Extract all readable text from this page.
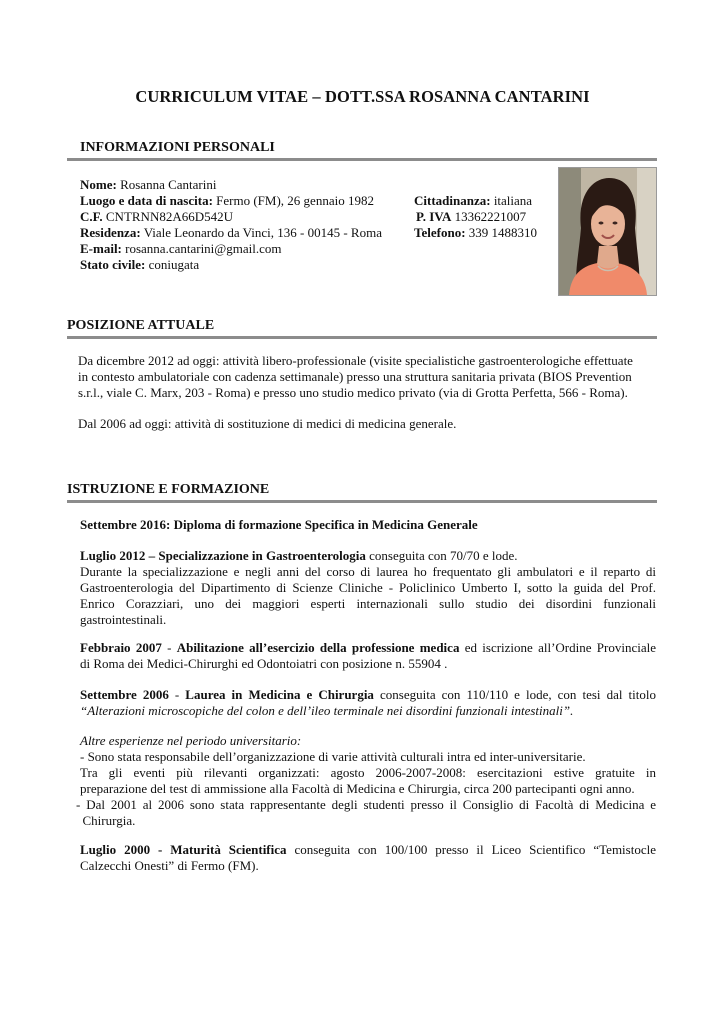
CURRICULUM VITAE – DOTT.SSA ROSANNA CANTARINI
INFORMAZIONI PERSONALI
Nome: Rosanna Cantarini
Luogo e data di nascita: Fermo (FM), 26 gennaio 1982
C.F. CNTRNN82A66D542U
Residenza: Viale Leonardo da Vinci, 136 - 00145 - Roma
E-mail: rosanna.cantarini@gmail.com
Stato civile: coniugata
Cittadinanza: italiana
P. IVA 13362221007
Telefono: 339 1488310
POSIZIONE ATTUALE
Da dicembre 2012 ad oggi: attività libero-professionale (visite specialistiche gastroenterologiche effettuate
in contesto ambulatoriale con cadenza settimanale) presso una struttura sanitaria privata (BIOS Prevention
s.r.l., viale C. Marx, 203 - Roma) e presso uno studio medico privato (via di Grotta Perfetta, 566 - Roma).
Dal 2006 ad oggi: attività di sostituzione di medici di medicina generale.
ISTRUZIONE E FORMAZIONE
Settembre 2016: Diploma di formazione Specifica in Medicina Generale
Luglio 2012 – Specializzazione in Gastroenterologia conseguita con 70/70 e lode.
Durante la specializzazione e negli anni del corso di laurea ho frequentato gli ambulatori e il reparto di
Gastroenterologia del Dipartimento di Scienze Cliniche - Policlinico Umberto I, sotto la guida del Prof.
Enrico Corazziari, uno dei maggiori esperti internazionali sullo studio dei disordini funzionali
gastrointestinali.
Febbraio 2007 - Abilitazione all’esercizio della professione medica ed iscrizione all’Ordine Provinciale
di Roma dei Medici-Chirurghi ed Odontoiatri con posizione n. 55904 .
Settembre 2006 - Laurea in Medicina e Chirurgia conseguita con 110/110 e lode, con tesi dal titolo
“Alterazioni microscopiche del colon e dell’ileo terminale nei disordini funzionali intestinali”.
Altre esperienze nel periodo universitario:
- Sono stata responsabile dell’organizzazione di varie attività culturali intra ed inter-universitarie.
Tra gli eventi più rilevanti organizzati: agosto 2006-2007-2008: esercitazioni estive gratuite in
preparazione del test di ammissione alla Facoltà di Medicina e Chirurgia, circa 200 partecipanti ogni anno.
- Dal 2001 al 2006 sono stata rappresentante degli studenti presso il Consiglio di Facoltà di Medicina e
Chirurgia.
Luglio 2000 - Maturità Scientifica conseguita con 100/100 presso il Liceo Scientifico “Temistocle
Calzecchi Onesti” di Fermo (FM).
